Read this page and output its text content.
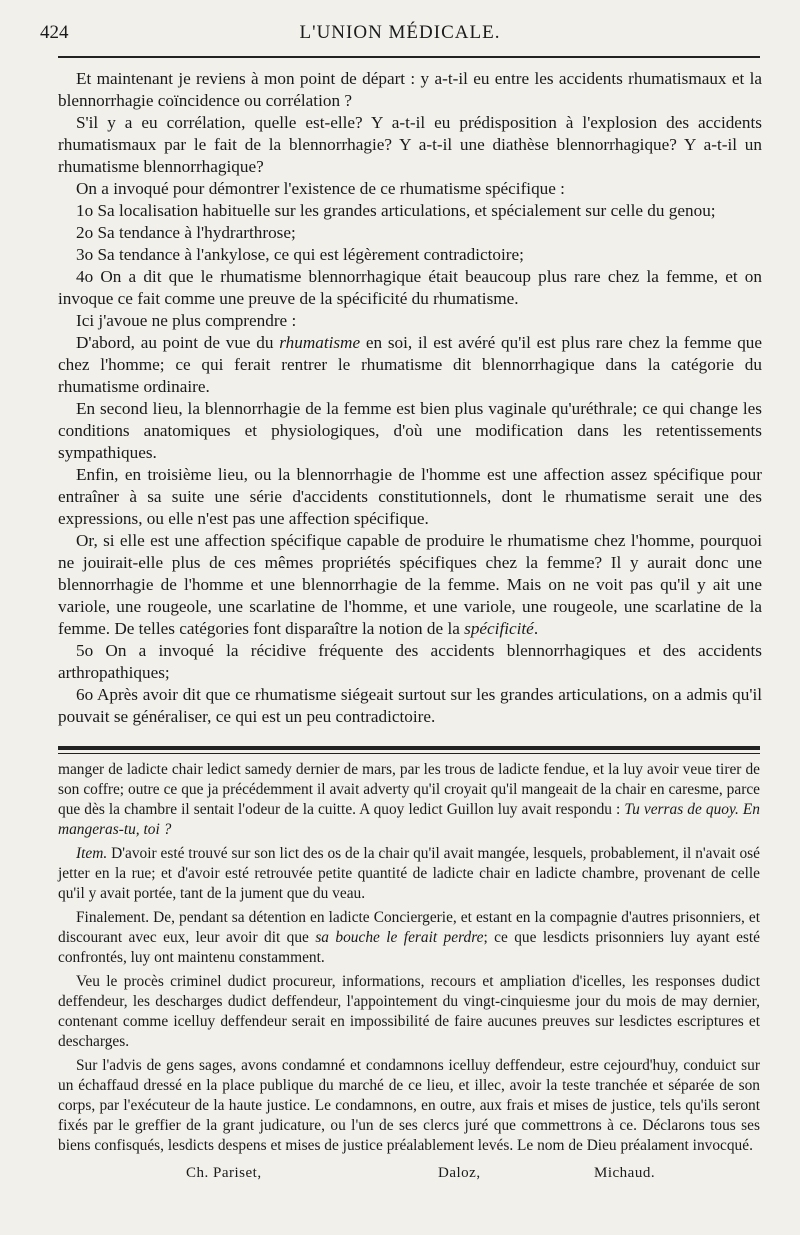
424	L'UNION MÉDICALE.

Et maintenant je reviens à mon point de départ : y a-t-il eu entre les accidents rhumatismaux et la blennorrhagie coïncidence ou corrélation ?

S'il y a eu corrélation, quelle est-elle? Y a-t-il eu prédisposition à l'explosion des accidents rhumatismaux par le fait de la blennorrhagie? Y a-t-il une diathèse blennorrhagique? Y a-t-il un rhumatisme blennorrhagique?

On a invoqué pour démontrer l'existence de ce rhumatisme spécifique :

1o Sa localisation habituelle sur les grandes articulations, et spécialement sur celle du genou;

2o Sa tendance à l'hydrarthrose;

3o Sa tendance à l'ankylose, ce qui est légèrement contradictoire;

4o On a dit que le rhumatisme blennorrhagique était beaucoup plus rare chez la femme, et on invoque ce fait comme une preuve de la spécificité du rhumatisme.

Ici j'avoue ne plus comprendre :

D'abord, au point de vue du rhumatisme en soi, il est avéré qu'il est plus rare chez la femme que chez l'homme; ce qui ferait rentrer le rhumatisme dit blennorrhagique dans la catégorie du rhumatisme ordinaire.

En second lieu, la blennorrhagie de la femme est bien plus vaginale qu'uréthrale; ce qui change les conditions anatomiques et physiologiques, d'où une modification dans les retentissements sympathiques.

Enfin, en troisième lieu, ou la blennorrhagie de l'homme est une affection assez spécifique pour entraîner à sa suite une série d'accidents constitutionnels, dont le rhumatisme serait une des expressions, ou elle n'est pas une affection spécifique.

Or, si elle est une affection spécifique capable de produire le rhumatisme chez l'homme, pourquoi ne jouirait-elle plus de ces mêmes propriétés spécifiques chez la femme? Il y aurait donc une blennorrhagie de l'homme et une blennorrhagie de la femme. Mais on ne voit pas qu'il y ait une variole, une rougeole, une scarlatine de l'homme, et une variole, une rougeole, une scarlatine de la femme. De telles catégories font disparaître la notion de la spécificité.

5o On a invoqué la récidive fréquente des accidents blennorrhagiques et des accidents arthropathiques;

6o Après avoir dit que ce rhumatisme siégeait surtout sur les grandes articulations, on a admis qu'il pouvait se généraliser, ce qui est un peu contradictoire.

manger de ladicte chair ledict samedy dernier de mars, par les trous de ladicte fendue, et la luy avoir veue tirer de son coffre; outre ce que ja précédemment il avait adverty qu'il croyait qu'il mangeait de la chair en caresme, parce que dès la chambre il sentait l'odeur de la cuitte. A quoy ledict Guillon luy avait respondu : Tu verras de quoy. En mangeras-tu, toi ?

Item. D'avoir esté trouvé sur son lict des os de la chair qu'il avait mangée, lesquels, probablement, il n'avait osé jetter en la rue; et d'avoir esté retrouvée petite quantité de ladicte chair en ladicte chambre, provenant de celle qu'il y avait portée, tant de la jument que du veau.

Finalement. De, pendant sa détention en ladicte Conciergerie, et estant en la compagnie d'autres prisonniers, et discourant avec eux, leur avoir dit que sa bouche le ferait perdre; ce que lesdicts prisonniers luy ayant esté confrontés, luy ont maintenu constamment.

Veu le procès criminel dudict procureur, informations, recours et ampliation d'icelles, les responses dudict deffendeur, les descharges dudict deffendeur, l'appointement du vingt-cinquiesme jour du mois de may dernier, contenant comme icelluy deffendeur serait en impossibilité de faire aucunes preuves sur lesdictes escriptures et descharges.

Sur l'advis de gens sages, avons condamné et condamnons icelluy deffendeur, estre cejourd'huy, conduict sur un échaffaud dressé en la place publique du marché de ce lieu, et illec, avoir la teste tranchée et séparée de son corps, par l'exécuteur de la haute justice. Le condamnons, en outre, aux frais et mises de justice, tels qu'ils seront fixés par le greffier de la grant judicature, ou l'un de ses clercs juré que commettrons à ce. Déclarons tous ses biens confisqués, lesdicts despens et mises de justice préalablement levés. Le nom de Dieu préalament invocqué.

Ch. Pariset,	Daloz,	Michaud.
